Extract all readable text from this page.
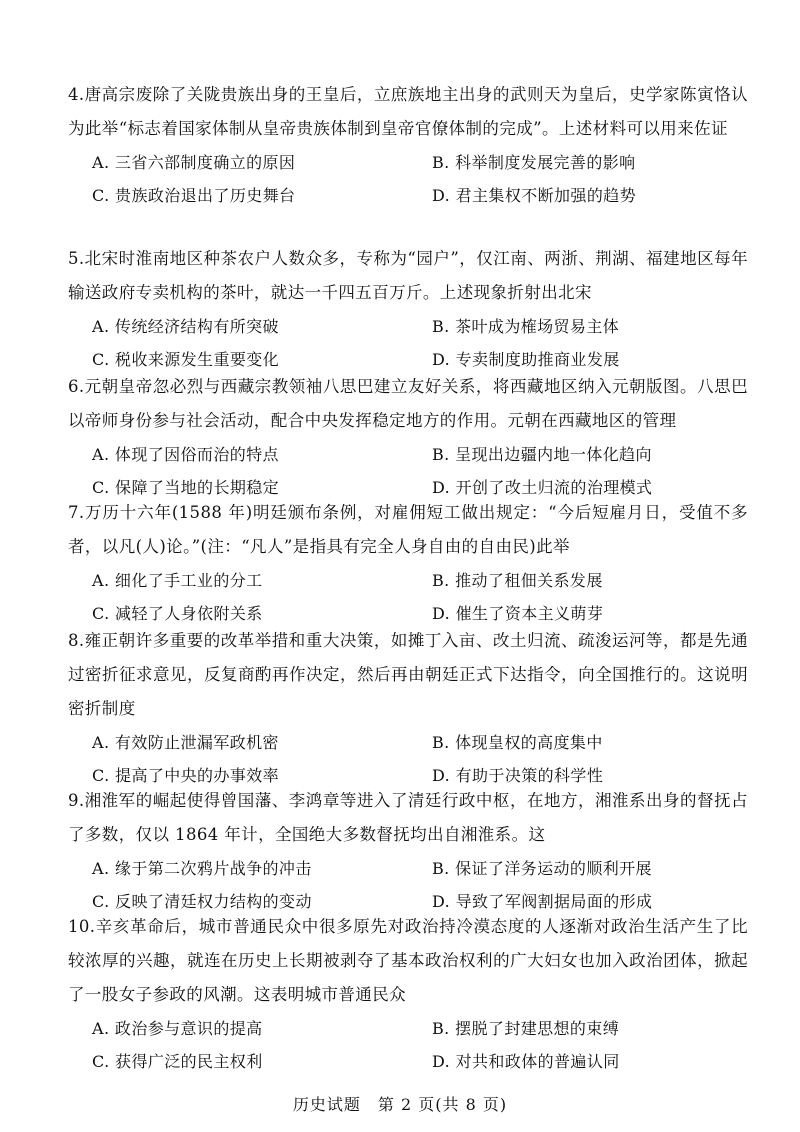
4.唐高宗废除了关陇贵族出身的王皇后，立庶族地主出身的武则天为皇后，史学家陈寅恪认为此举“标志着国家体制从皇帝贵族体制到皇帝官僚体制的完成”。上述材料可以用来佐证

A. 三省六部制度确立的原因	B. 科举制度发展完善的影响
C. 贵族政治退出了历史舞台	D. 君主集权不断加强的趋势

5.北宋时淮南地区种茶农户人数众多，专称为“园户”，仅江南、两浙、荆湖、福建地区每年输送政府专卖机构的茶叶，就达一千四五百万斤。上述现象折射出北宋

A. 传统经济结构有所突破	B. 茶叶成为榷场贸易主体
C. 税收来源发生重要变化	D. 专卖制度助推商业发展

6.元朝皇帝忽必烈与西藏宗教领袖八思巴建立友好关系，将西藏地区纳入元朝版图。八思巴以帝师身份参与社会活动，配合中央发挥稳定地方的作用。元朝在西藏地区的管理

A. 体现了因俗而治的特点	B. 呈现出边疆内地一体化趋向
C. 保障了当地的长期稳定	D. 开创了改土归流的治理模式

7.万历十六年(1588 年)明廷颁布条例，对雇佣短工做出规定：“今后短雇月日，受值不多者，以凡(人)论。”(注：“凡人”是指具有完全人身自由的自由民)此举

A. 细化了手工业的分工	B. 推动了租佃关系发展
C. 减轻了人身依附关系	D. 催生了资本主义萌芽

8.雍正朝许多重要的改革举措和重大决策，如摊丁入亩、改土归流、疏浚运河等，都是先通过密折征求意见，反复商酌再作决定，然后再由朝廷正式下达指令，向全国推行的。这说明密折制度

A. 有效防止泄漏军政机密	B. 体现皇权的高度集中
C. 提高了中央的办事效率	D. 有助于决策的科学性

9.湘淮军的崛起使得曾国藩、李鸿章等进入了清廷行政中枢，在地方，湘淮系出身的督抚占了多数，仅以 1864 年计，全国绝大多数督抚均出自湘淮系。这

A. 缘于第二次鸦片战争的冲击	B. 保证了洋务运动的顺利开展
C. 反映了清廷权力结构的变动	D. 导致了军阀割据局面的形成

10.辛亥革命后，城市普通民众中很多原先对政治持冷漠态度的人逐渐对政治生活产生了比较浓厚的兴趣，就连在历史上长期被剥夺了基本政治权利的广大妇女也加入政治团体，掀起了一股女子参政的风潮。这表明城市普通民众

A. 政治参与意识的提高	B. 摆脱了封建思想的束缚
C. 获得广泛的民主权利	D. 对共和政体的普遍认同
历史试题　第 2 页(共 8 页)
